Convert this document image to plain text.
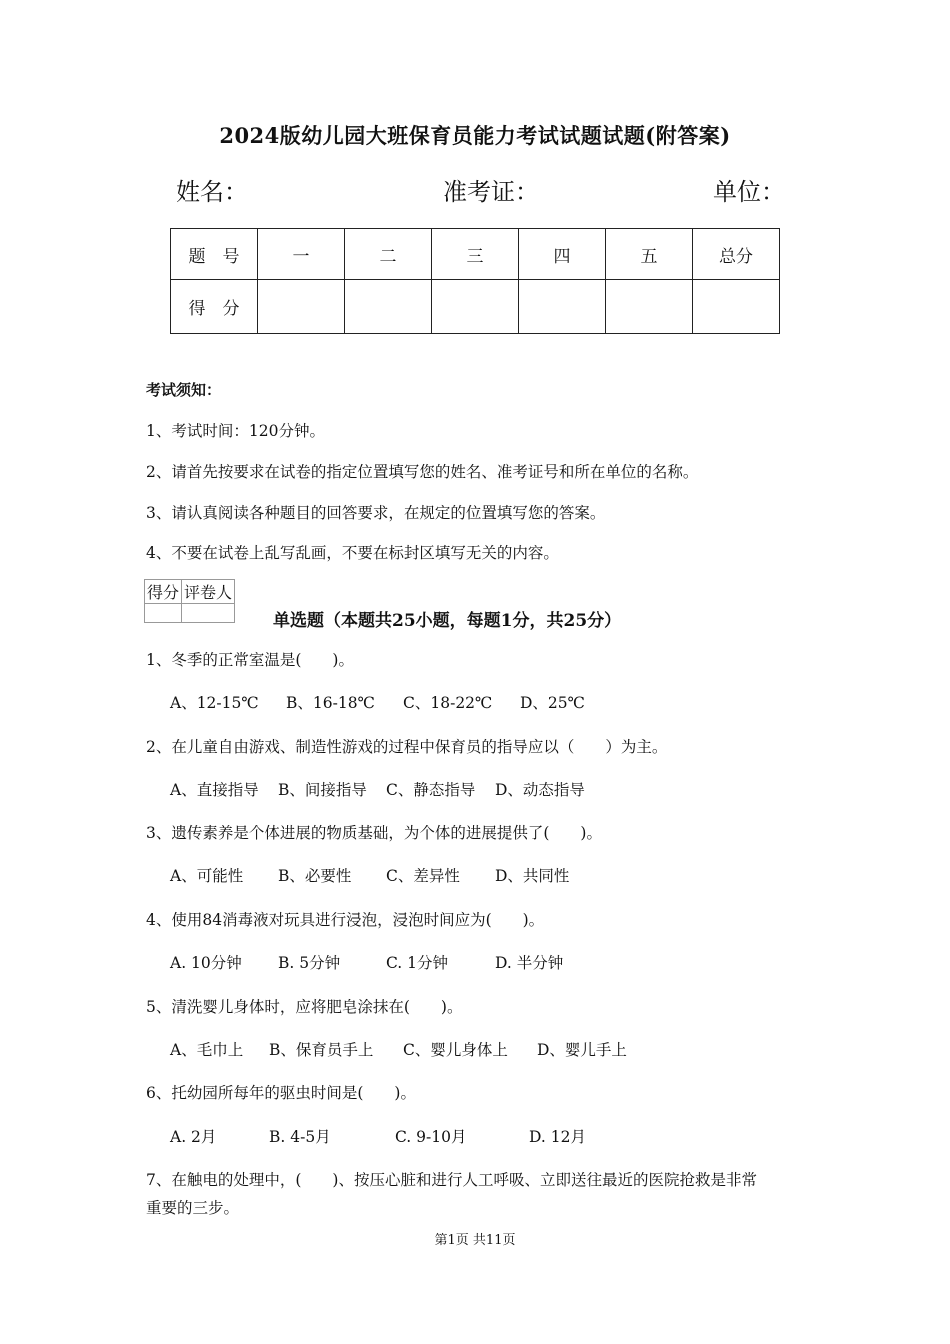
2024版幼儿园大班保育员能力考试试题试题(附答案)
姓名：	准考证：	单位：
题　号	一	二	三	四	五	总分
得　分						
考试须知：
1、考试时间：120分钟。
2、请首先按要求在试卷的指定位置填写您的姓名、准考证号和所在单位的名称。
3、请认真阅读各种题目的回答要求，在规定的位置填写您的答案。
4、不要在试卷上乱写乱画，不要在标封区填写无关的内容。
得分	评卷人

单选题（本题共25小题，每题1分，共25分）
1、冬季的正常室温是(　　)。
A、12-15℃ B、16-18℃ C、18-22℃ D、25℃
2、在儿童自由游戏、制造性游戏的过程中保育员的指导应以（　　）为主。
A、直接指导 B、间接指导 C、静态指导 D、动态指导
3、遗传素养是个体进展的物质基础，为个体的进展提供了(　　)。
A、可能性 B、必要性 C、差异性 D、共同性
4、使用84消毒液对玩具进行浸泡，浸泡时间应为(　　)。
A. 10分钟 B. 5分钟	C. 1分钟	D. 半分钟
5、清洗婴儿身体时，应将肥皂涂抹在(　　)。
A、毛巾上 B、保育员手上 C、婴儿身体上 D、婴儿手上
6、托幼园所每年的驱虫时间是(　　)。
A. 2月	B. 4-5月	C. 9-10月	D. 12月
7、在触电的处理中，(　　)、按压心脏和进行人工呼吸、立即送往最近的医院抢救是非常
重要的三步。
第1页 共11页
